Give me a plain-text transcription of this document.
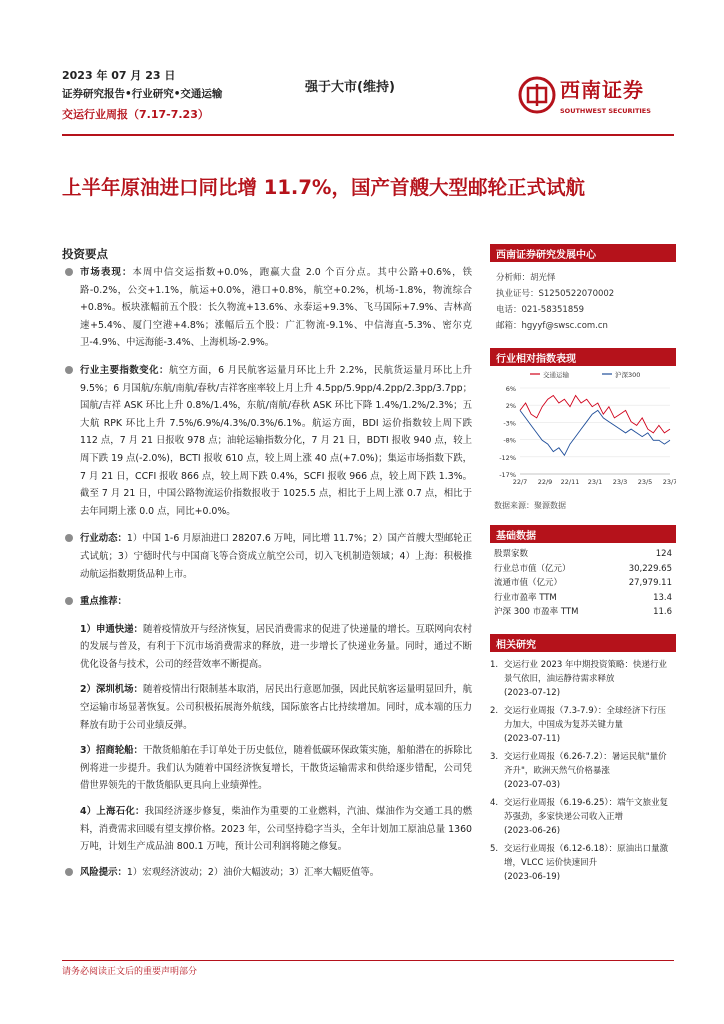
2023 年 07 月 23 日
证券研究报告•行业研究•交通运输
交运行业周报（7.17-7.23）
强于大市(维持)	西南证券
SOUTHWEST SECURITIES
上半年原油进口同比增 11.7%，国产首艘大型邮轮正式试航
投资要点
市场表现：本周中信交运指数+0.0%，跑赢大盘 2.0 个百分点。其中公路+0.6%，铁路-0.2%，公交+1.1%，航运+0.0%，港口+0.8%，航空+0.2%，机场-1.8%，物流综合+0.8%。板块涨幅前五个股：长久物流+13.6%、永泰运+9.3%、飞马国际+7.9%、吉林高速+5.4%、厦门空港+4.8%；涨幅后五个股：广汇物流-9.1%、中信海直-5.3%、密尔克卫-4.9%、中远海能-3.4%、上海机场-2.9%。
行业主要指数变化：航空方面，6 月民航客运量月环比上升 2.2%，民航货运量月环比上升 9.5%；6 月国航/东航/南航/春秋/吉祥客座率较上月上升 4.5pp/5.9pp/4.2pp/2.3pp/3.7pp；国航/吉祥 ASK 环比上升 0.8%/1.4%，东航/南航/春秋 ASK 环比下降 1.4%/1.2%/2.3%；五大航 RPK 环比上升 7.5%/6.9%/4.3%/0.3%/6.1%。航运方面，BDI 运价指数较上周下跌 112 点，7 月 21 日报收 978 点；油轮运输指数分化，7 月 21 日，BDTI 报收 940 点，较上周下跌 19 点(-2.0%)，BCTI 报收 610 点，较上周上涨 40 点(+7.0%)；集运市场指数下跌，7 月 21 日，CCFI 报收 866 点，较上周下跌 0.4%，SCFI 报收 966 点，较上周下跌 1.3%。截至 7 月 21 日，中国公路物流运价指数报收于 1025.5 点，相比于上周上涨 0.7 点，相比于去年同期上涨 0.0 点，同比+0.0%。
行业动态：1）中国 1-6 月原油进口 28207.6 万吨，同比增 11.7%；2）国产首艘大型邮轮正式试航；3）宁德时代与中国商飞等合资成立航空公司，切入飞机制造领域；4）上海：积极推动航运指数期货品种上市。
重点推荐：
1）申通快递：随着疫情放开与经济恢复，居民消费需求的促进了快递量的增长。互联网向农村的发展与普及，有利于下沉市场消费需求的释放，进一步增长了快递业务量。同时，通过不断优化设备与技术，公司的经营效率不断提高。
2）深圳机场：随着疫情出行限制基本取消，居民出行意愿加强，因此民航客运量明显回升，航空运输市场显著恢复。公司积极拓展海外航线，国际旅客占比持续增加。同时，成本端的压力释放有助于公司业绩反弹。
3）招商轮船：干散货船舶在手订单处于历史低位，随着低碳环保政策实施，船舶潜在的拆除比例将进一步提升。我们认为随着中国经济恢复增长，干散货运输需求和供给逐步错配，公司凭借世界领先的干散货船队更具向上业绩弹性。
4）上海石化：我国经济逐步修复，柴油作为重要的工业燃料，汽油、煤油作为交通工具的燃料，消费需求回暖有望支撑价格。2023 年，公司坚持稳字当头，全年计划加工原油总量 1360 万吨，计划生产成品油 800.1 万吨，预计公司利润将随之修复。
风险提示：1）宏观经济波动；2）油价大幅波动；3）汇率大幅贬值等。
西南证券研究发展中心
分析师：胡光怿
执业证号：S1250522070002
电话：021-58351859
邮箱：hgyyf@swsc.com.cn
行业相对指数表现
6%
2%
-3%
-8%
-12%
-17%
22/7 22/9 22/11 23/1 23/3 23/5 23/7
交通运输	沪深300
数据来源：聚源数据
基础数据
股票家数	124
行业总市值（亿元）	30,229.65
流通市值（亿元）	27,979.11
行业市盈率 TTM	13.4
沪深 300 市盈率 TTM	11.6
相关研究
1. 交运行业 2023 年中期投资策略：快递行业景气依旧，油运静待需求释放
(2023-07-12)
2. 交运行业周报（7.3-7.9）：全球经济下行压力加大，中国成为复苏关键力量
(2023-07-11)
3. 交运行业周报（6.26-7.2）：暑运民航"量价齐升"，欧洲天然气价格暴涨
(2023-07-03)
4. 交运行业周报（6.19-6.25）：端午文旅业复苏强劲，多家快递公司收入正增
(2023-06-26)
5. 交运行业周报（6.12-6.18）：原油出口量激增，VLCC 运价快速回升
(2023-06-19)
请务必阅读正文后的重要声明部分
